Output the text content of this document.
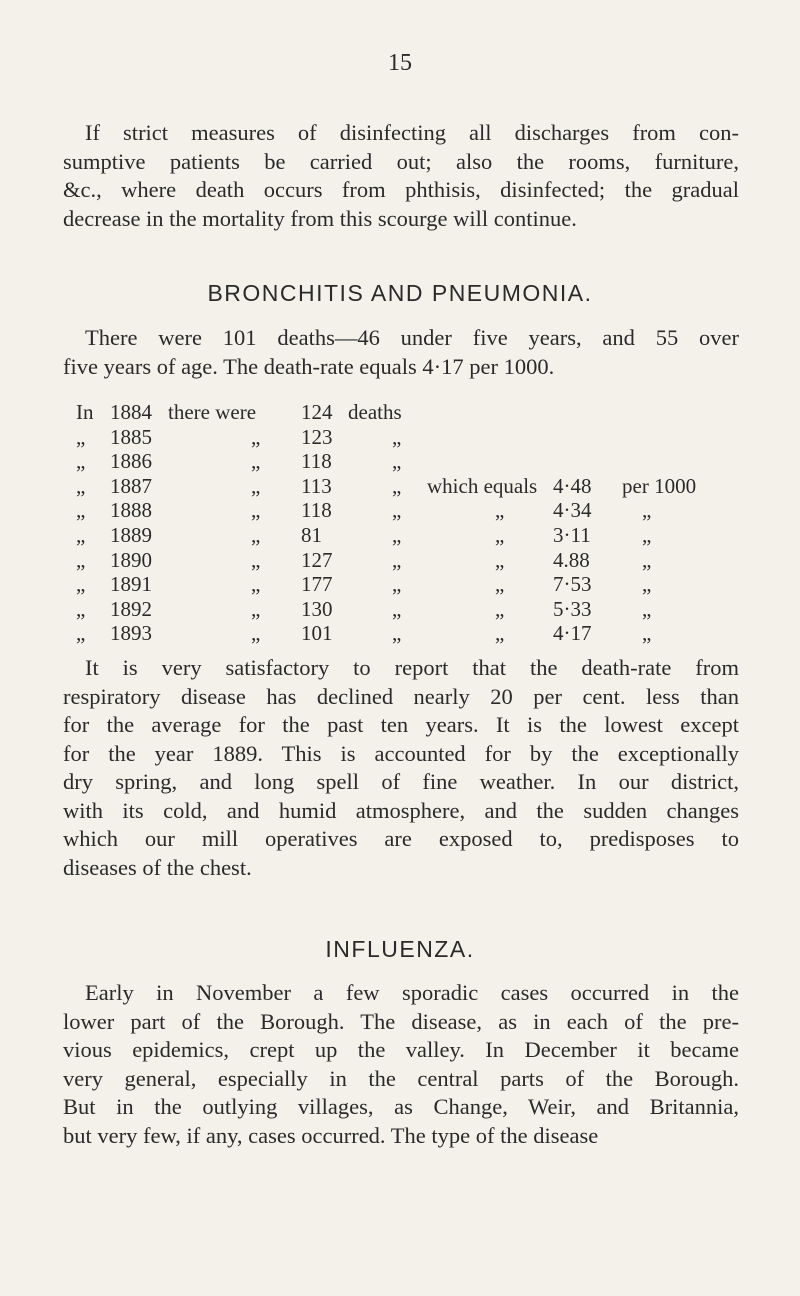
15
If strict measures of disinfecting all discharges from con-
sumptive patients be carried out; also the rooms, furniture,
&c., where death occurs from phthisis, disinfected; the gradual
decrease in the mortality from this scourge will continue.
BRONCHITIS AND PNEUMONIA.
There were 101 deaths—46 under five years, and 55 over
five years of age. The death-rate equals 4·17 per 1000.
In 1884 there were 124 deaths
„ 1885	„ 123	„
„ 1886	„ 118	„
„ 1887	„ 113	„ which equals 4·48 per 1000
„ 1888	„ 118	„	„ 4·34 „
„ 1889	„ 81	„	„ 3·11 „
„ 1890	„ 127	„	„ 4.88 „
„ 1891	„ 177	„	„ 7·53 „
„ 1892	„ 130	„	„ 5·33 „
„ 1893	„ 101	„	„ 4·17 „
It is very satisfactory to report that the death-rate from
respiratory disease has declined nearly 20 per cent. less than
for the average for the past ten years. It is the lowest except
for the year 1889. This is accounted for by the exceptionally
dry spring, and long spell of fine weather. In our district,
with its cold, and humid atmosphere, and the sudden changes
which our mill operatives are exposed to, predisposes to
diseases of the chest.
INFLUENZA.
Early in November a few sporadic cases occurred in the
lower part of the Borough. The disease, as in each of the pre-
vious epidemics, crept up the valley. In December it became
very general, especially in the central parts of the Borough.
But in the outlying villages, as Change, Weir, and Britannia,
but very few, if any, cases occurred. The type of the disease
